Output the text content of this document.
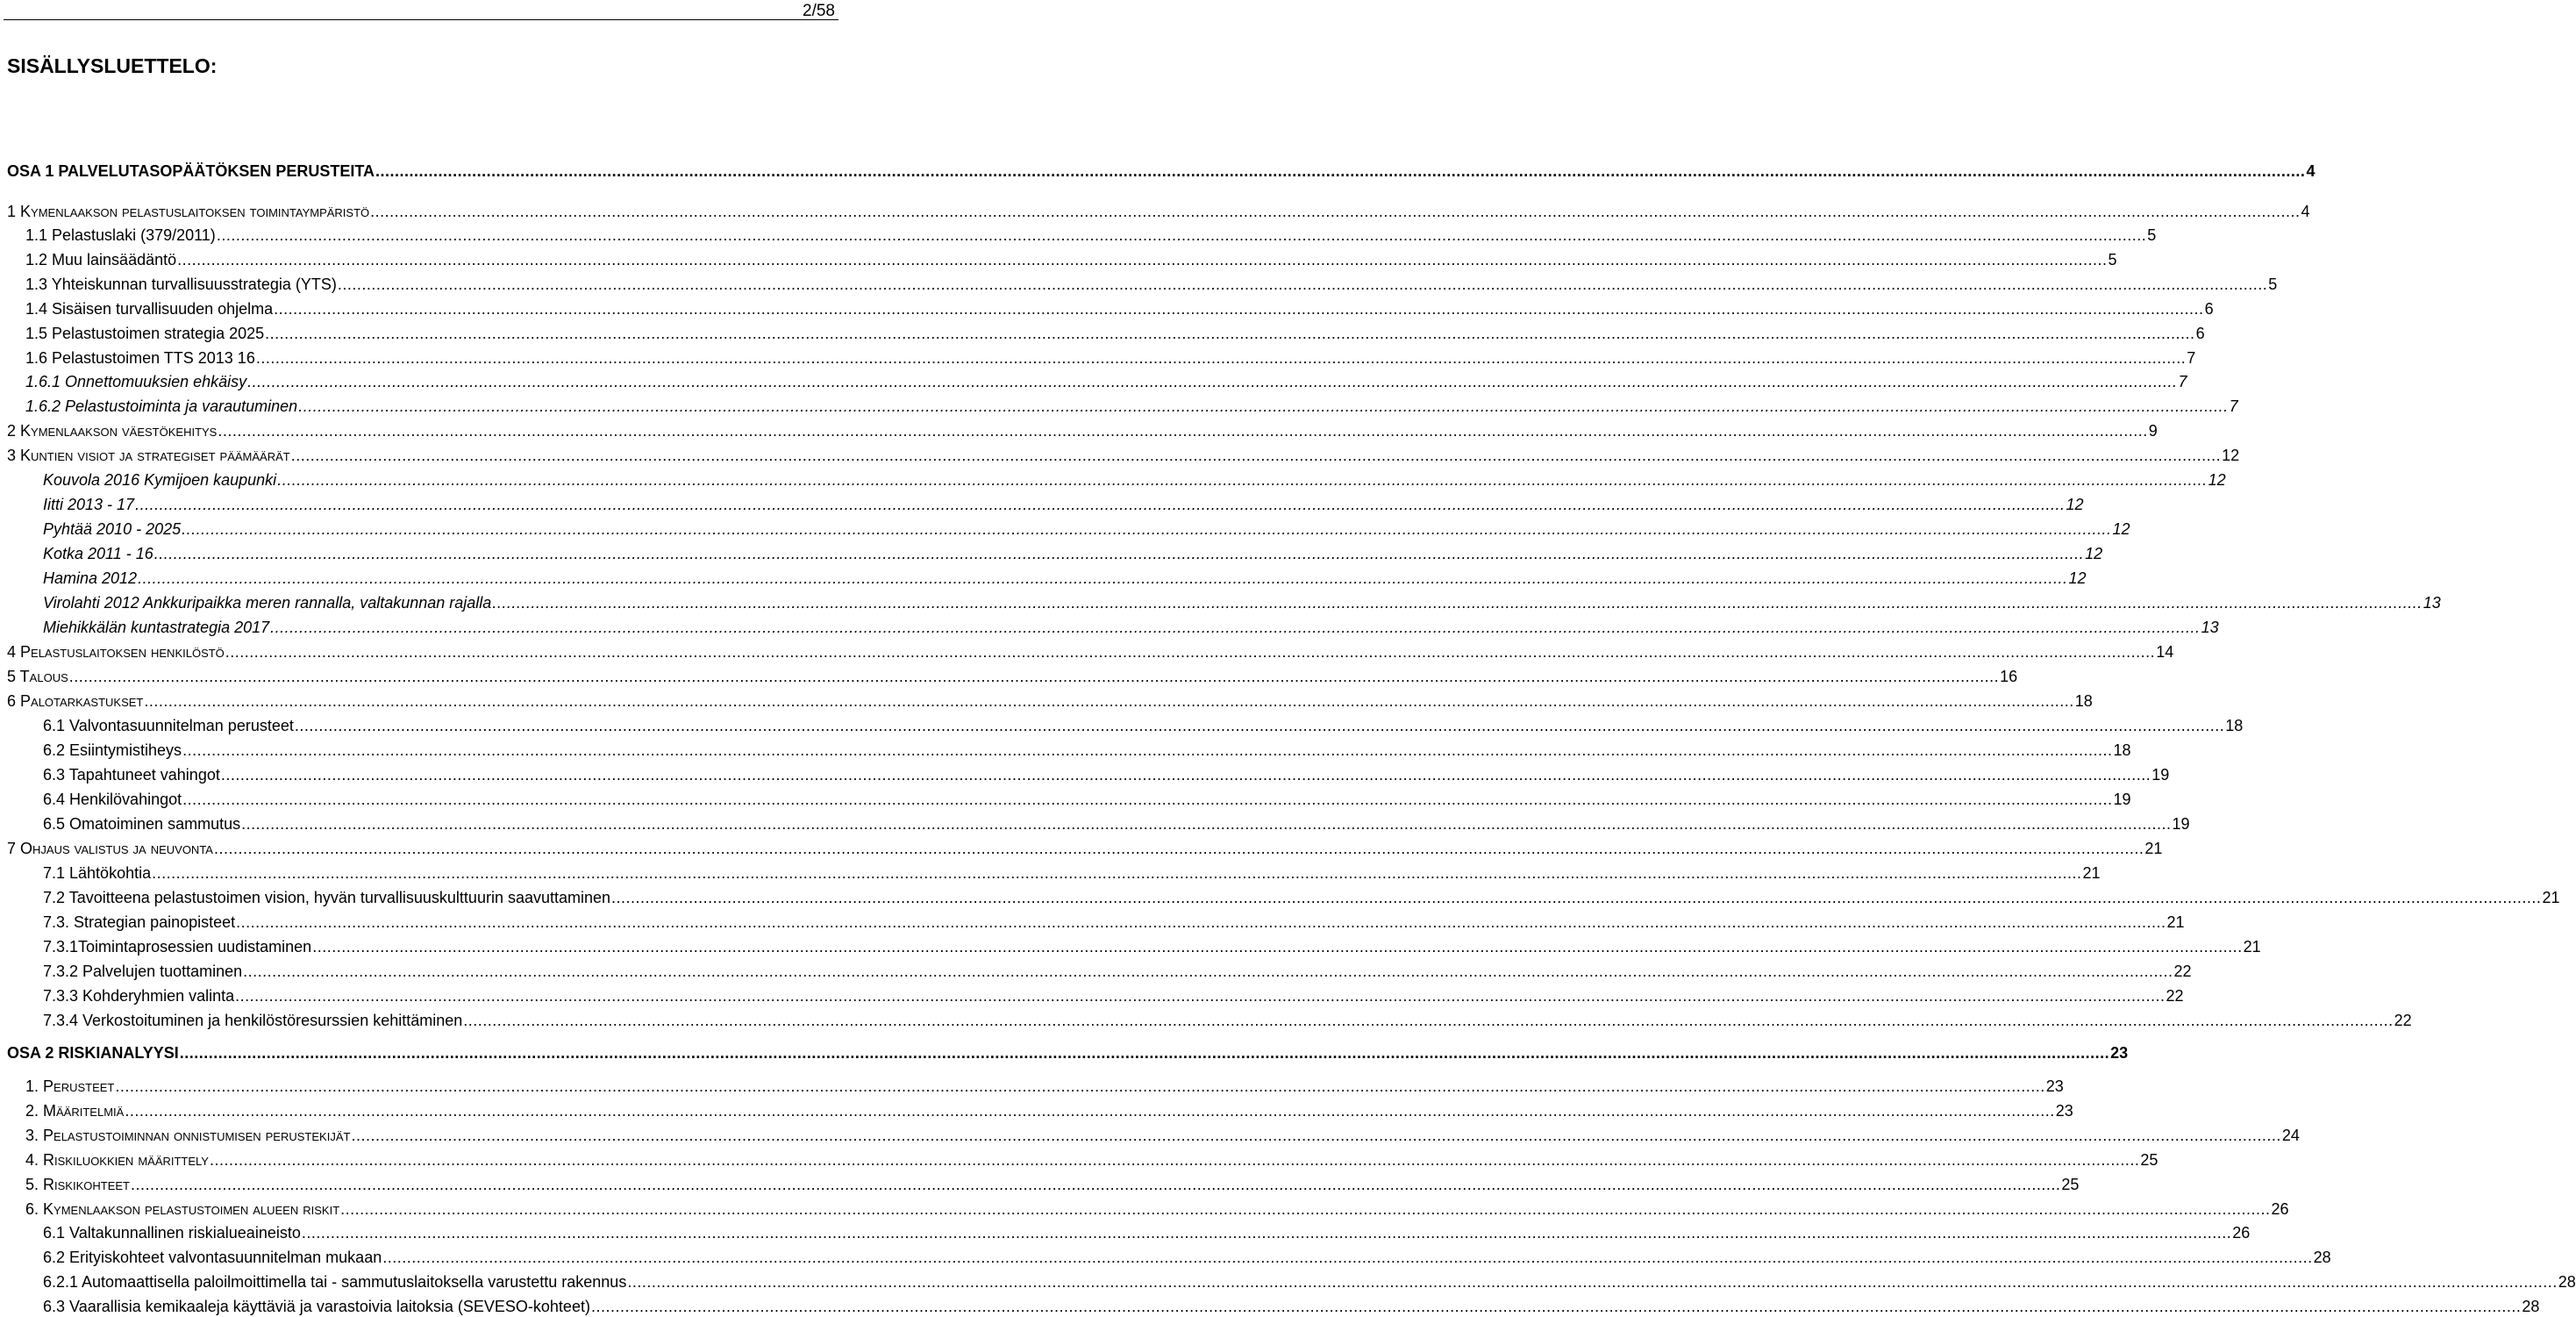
2/58
SISÄLLYSLUETTELO:
OSA 1 PALVELUTASOPÄÄTÖKSEN PERUSTEITA ................................................................................................................................................................................................................................................................................................................................................................................................................ 4
1 Kymenlaakson pelastuslaitoksen toimintaympäristö ................................................................................................................................................................................................................................................................................................................................................................................................................ 4
1.1 Pelastuslaki (379/2011) ................................................................................................................................................................................................................................................................................................................................................................................................................ 5
1.2 Muu lainsäädäntö ................................................................................................................................................................................................................................................................................................................................................................................................................ 5
1.3 Yhteiskunnan turvallisuusstrategia (YTS) ................................................................................................................................................................................................................................................................................................................................................................................................................ 5
1.4 Sisäisen turvallisuuden ohjelma ................................................................................................................................................................................................................................................................................................................................................................................................................ 6
1.5 Pelastustoimen strategia 2025 ................................................................................................................................................................................................................................................................................................................................................................................................................ 6
1.6 Pelastustoimen TTS 2013 16 ................................................................................................................................................................................................................................................................................................................................................................................................................ 7
1.6.1 Onnettomuuksien ehkäisy ................................................................................................................................................................................................................................................................................................................................................................................................................ 7
1.6.2 Pelastustoiminta ja varautuminen ................................................................................................................................................................................................................................................................................................................................................................................................................ 7
2 Kymenlaakson väestökehitys ................................................................................................................................................................................................................................................................................................................................................................................................................ 9
3 Kuntien visiot ja strategiset päämäärät ................................................................................................................................................................................................................................................................................................................................................................................................................ 12
Kouvola 2016 Kymijoen kaupunki ................................................................................................................................................................................................................................................................................................................................................................................................................ 12
Iitti 2013 - 17 ................................................................................................................................................................................................................................................................................................................................................................................................................ 12
Pyhtää 2010 - 2025 ................................................................................................................................................................................................................................................................................................................................................................................................................ 12
Kotka 2011 - 16 ................................................................................................................................................................................................................................................................................................................................................................................................................ 12
Hamina 2012 ................................................................................................................................................................................................................................................................................................................................................................................................................ 12
Virolahti 2012 Ankkuripaikka meren rannalla, valtakunnan rajalla ................................................................................................................................................................................................................................................................................................................................................................................................................ 13
Miehikkälän kuntastrategia 2017 ................................................................................................................................................................................................................................................................................................................................................................................................................ 13
4 Pelastuslaitoksen henkilöstö ................................................................................................................................................................................................................................................................................................................................................................................................................ 14
5 Talous ................................................................................................................................................................................................................................................................................................................................................................................................................ 16
6 Palotarkastukset ................................................................................................................................................................................................................................................................................................................................................................................................................ 18
6.1 Valvontasuunnitelman perusteet ................................................................................................................................................................................................................................................................................................................................................................................................................ 18
6.2 Esiintymistiheys ................................................................................................................................................................................................................................................................................................................................................................................................................ 18
6.3 Tapahtuneet vahingot ................................................................................................................................................................................................................................................................................................................................................................................................................ 19
6.4 Henkilövahingot ................................................................................................................................................................................................................................................................................................................................................................................................................ 19
6.5 Omatoiminen sammutus ................................................................................................................................................................................................................................................................................................................................................................................................................ 19
7 Ohjaus valistus ja neuvonta ................................................................................................................................................................................................................................................................................................................................................................................................................ 21
7.1 Lähtökohtia ................................................................................................................................................................................................................................................................................................................................................................................................................ 21
7.2 Tavoitteena pelastustoimen vision, hyvän turvallisuuskulttuurin saavuttaminen ................................................................................................................................................................................................................................................................................................................................................................................................................ 21
7.3. Strategian painopisteet ................................................................................................................................................................................................................................................................................................................................................................................................................ 21
7.3.1Toimintaprosessien uudistaminen ................................................................................................................................................................................................................................................................................................................................................................................................................ 21
7.3.2 Palvelujen tuottaminen ................................................................................................................................................................................................................................................................................................................................................................................................................ 22
7.3.3 Kohderyhmien valinta ................................................................................................................................................................................................................................................................................................................................................................................................................ 22
7.3.4 Verkostoituminen ja henkilöstöresurssien kehittäminen ................................................................................................................................................................................................................................................................................................................................................................................................................ 22
OSA 2 RISKIANALYYSI ................................................................................................................................................................................................................................................................................................................................................................................................................ 23
1. Perusteet ................................................................................................................................................................................................................................................................................................................................................................................................................ 23
2. Määritelmiä ................................................................................................................................................................................................................................................................................................................................................................................................................ 23
3. Pelastustoiminnan onnistumisen perustekijät ................................................................................................................................................................................................................................................................................................................................................................................................................ 24
4. Riskiluokkien määrittely ................................................................................................................................................................................................................................................................................................................................................................................................................ 25
5. Riskikohteet ................................................................................................................................................................................................................................................................................................................................................................................................................ 25
6. Kymenlaakson pelastustoimen alueen riskit ................................................................................................................................................................................................................................................................................................................................................................................................................ 26
6.1 Valtakunnallinen riskialueaineisto ................................................................................................................................................................................................................................................................................................................................................................................................................ 26
6.2 Erityiskohteet valvontasuunnitelman mukaan ................................................................................................................................................................................................................................................................................................................................................................................................................ 28
6.2.1 Automaattisella paloilmoittimella tai - sammutuslaitoksella varustettu rakennus ................................................................................................................................................................................................................................................................................................................................................................................................................ 28
6.3 Vaarallisia kemikaaleja käyttäviä ja varastoivia laitoksia (SEVESO-kohteet) ................................................................................................................................................................................................................................................................................................................................................................................................................ 28
